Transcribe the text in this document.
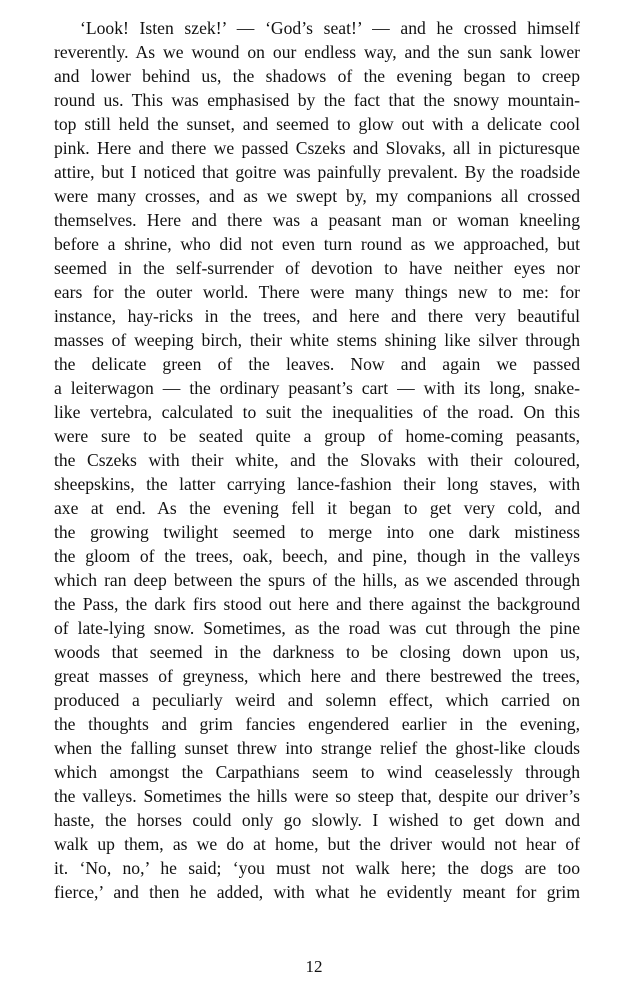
‘Look! Isten szek!’ — ‘God’s seat!’ — and he crossed himself
reverently. As we wound on our endless way, and the sun sank lower
and lower behind us, the shadows of the evening began to creep
round us. This was emphasised by the fact that the snowy mountain-
top still held the sunset, and seemed to glow out with a delicate cool
pink. Here and there we passed Cszeks and Slovaks, all in picturesque
attire, but I noticed that goitre was painfully prevalent. By the roadside
were many crosses, and as we swept by, my companions all crossed
themselves. Here and there was a peasant man or woman kneeling
before a shrine, who did not even turn round as we approached, but
seemed in the self-surrender of devotion to have neither eyes nor
ears for the outer world. There were many things new to me: for
instance, hay-ricks in the trees, and here and there very beautiful
masses of weeping birch, their white stems shining like silver through
the delicate green of the leaves. Now and again we passed
a leiterwagon — the ordinary peasant’s cart — with its long, snake-
like vertebra, calculated to suit the inequalities of the road. On this
were sure to be seated quite a group of home-coming peasants,
the Cszeks with their white, and the Slovaks with their coloured,
sheepskins, the latter carrying lance-fashion their long staves, with
axe at end. As the evening fell it began to get very cold, and
the growing twilight seemed to merge into one dark mistiness
the gloom of the trees, oak, beech, and pine, though in the valleys
which ran deep between the spurs of the hills, as we ascended through
the Pass, the dark firs stood out here and there against the background
of late-lying snow. Sometimes, as the road was cut through the pine
woods that seemed in the darkness to be closing down upon us,
great masses of greyness, which here and there bestrewed the trees,
produced a peculiarly weird and solemn effect, which carried on
the thoughts and grim fancies engendered earlier in the evening,
when the falling sunset threw into strange relief the ghost-like clouds
which amongst the Carpathians seem to wind ceaselessly through
the valleys. Sometimes the hills were so steep that, despite our driver’s
haste, the horses could only go slowly. I wished to get down and
walk up them, as we do at home, but the driver would not hear of
it. ‘No, no,’ he said; ‘you must not walk here; the dogs are too
fierce,’ and then he added, with what he evidently meant for grim
12
